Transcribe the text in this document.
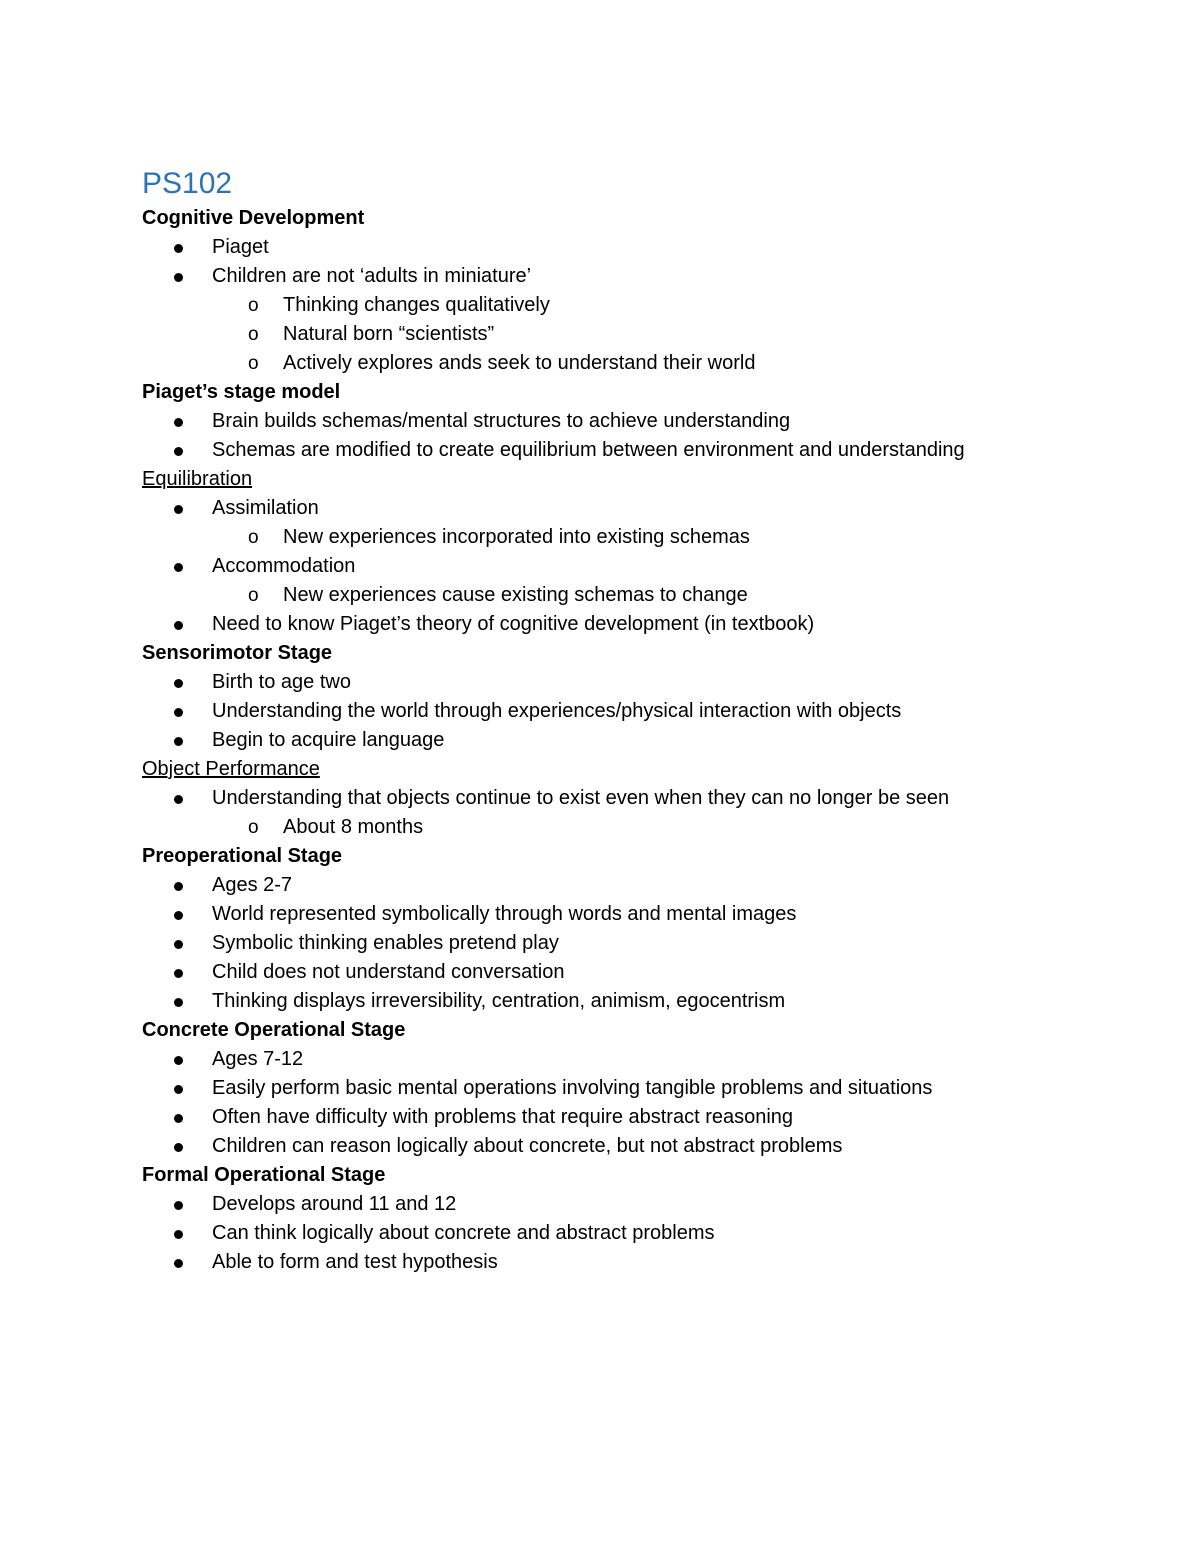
PS102
Cognitive Development
Piaget
Children are not ‘adults in miniature’
o Thinking changes qualitatively
o Natural born “scientists”
o Actively explores ands seek to understand their world
Piaget’s stage model
Brain builds schemas/mental structures to achieve understanding
Schemas are modified to create equilibrium between environment and understanding
Equilibration
Assimilation
o New experiences incorporated into existing schemas
Accommodation
o New experiences cause existing schemas to change
Need to know Piaget’s theory of cognitive development (in textbook)
Sensorimotor Stage
Birth to age two
Understanding the world through experiences/physical interaction with objects
Begin to acquire language
Object Performance
Understanding that objects continue to exist even when they can no longer be seen
o About 8 months
Preoperational Stage
Ages 2-7
World represented symbolically through words and mental images
Symbolic thinking enables pretend play
Child does not understand conversation
Thinking displays irreversibility, centration, animism, egocentrism
Concrete Operational Stage
Ages 7-12
Easily perform basic mental operations involving tangible problems and situations
Often have difficulty with problems that require abstract reasoning
Children can reason logically about concrete, but not abstract problems
Formal Operational Stage
Develops around 11 and 12
Can think logically about concrete and abstract problems
Able to form and test hypothesis
